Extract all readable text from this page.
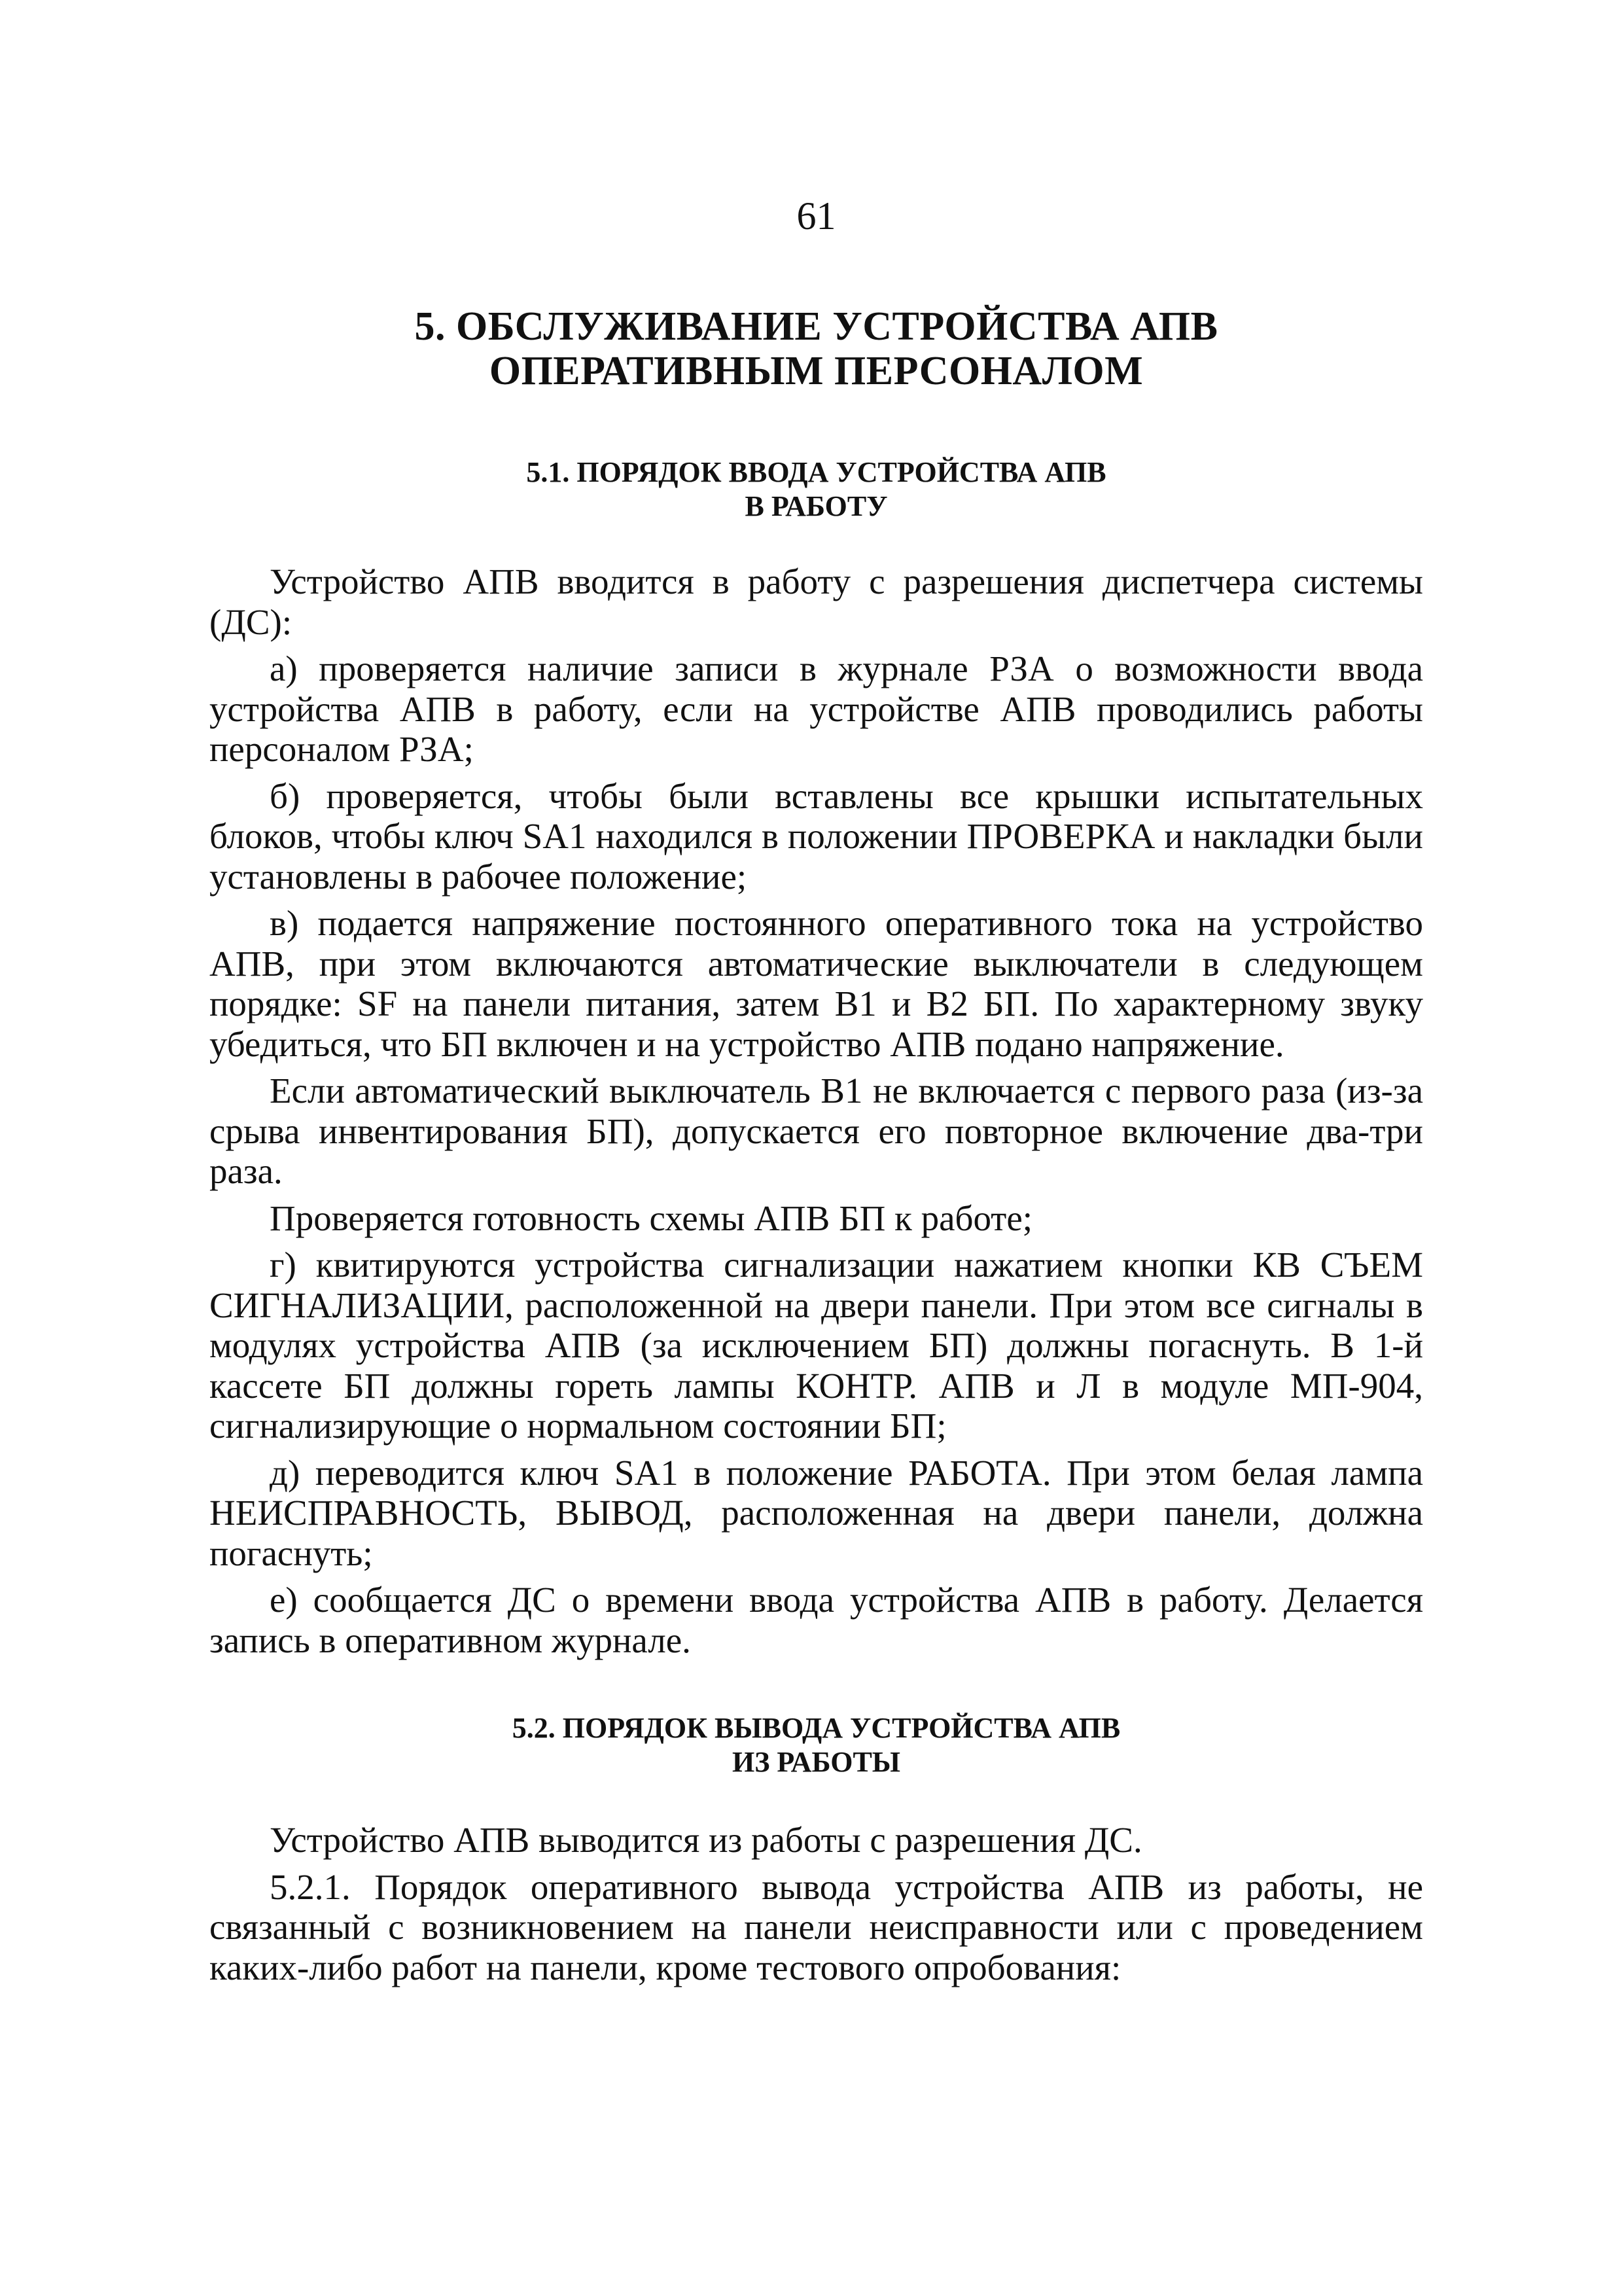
61
5. ОБСЛУЖИВАНИЕ УСТРОЙСТВА АПВ
ОПЕРАТИВНЫМ ПЕРСОНАЛОМ
5.1. ПОРЯДОК ВВОДА УСТРОЙСТВА АПВ
В РАБОТУ

Устройство АПВ вводится в работу с разрешения диспетчера системы (ДС):

а) проверяется наличие записи в журнале РЗА о возможности ввода устройства АПВ в работу, если на устройстве АПВ проводились работы персоналом РЗА;

б) проверяется, чтобы были вставлены все крышки испытательных блоков, чтобы ключ SA1 находился в положении ПРОВЕРКА и накладки были установлены в рабочее положение;

в) подается напряжение постоянного оперативного тока на устройство АПВ, при этом включаются автоматические выключатели в следующем порядке: SF на панели питания, затем В1 и В2 БП. По характерному звуку убедиться, что БП включен и на устройство АПВ подано напряжение.

Если автоматический выключатель В1 не включается с первого раза (из-за срыва инвентирования БП), допускается его повторное включение два-три раза.

Проверяется готовность схемы АПВ БП к работе;

г) квитируются устройства сигнализации нажатием кнопки КВ СЪЕМ СИГНАЛИЗАЦИИ, расположенной на двери панели. При этом все сигналы в модулях устройства АПВ (за исключением БП) должны погаснуть. В 1-й кассете БП должны гореть лампы КОНТР. АПВ и Л в модуле МП-904, сигнализирующие о нормальном состоянии БП;

д) переводится ключ SA1 в положение РАБОТА. При этом белая лампа НЕИСПРАВНОСТЬ, ВЫВОД, расположенная на двери панели, должна погаснуть;

е) сообщается ДС о времени ввода устройства АПВ в работу. Делается запись в оперативном журнале.

5.2. ПОРЯДОК ВЫВОДА УСТРОЙСТВА АПВ
ИЗ РАБОТЫ

Устройство АПВ выводится из работы с разрешения ДС.

5.2.1. Порядок оперативного вывода устройства АПВ из работы, не связанный с возникновением на панели неисправности или с проведением каких-либо работ на панели, кроме тестового опробования:
